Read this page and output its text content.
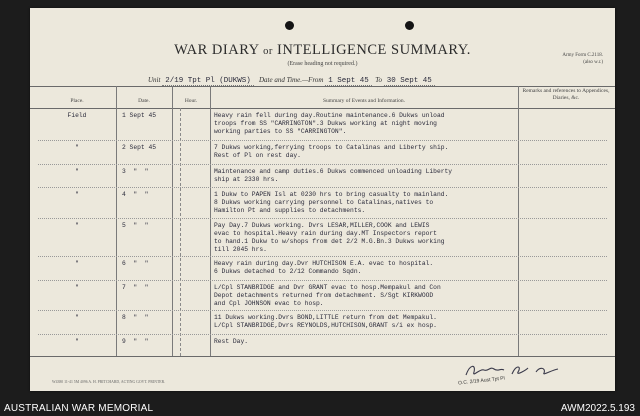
WAR DIARY or INTELLIGENCE SUMMARY.
(Erase heading not required.)
Army Form C.2118.
(also w.r.)
Unit 2/19 Tpt Pl (DUKWS) Date and Time.—From 1 Sept 45 To 30 Sept 45
Place.	Date.	Hour.	Summary of Events and Information.
Remarks and references to Appendices, Diaries, &c.
Field	1 Sept 45	Heavy rain fell during day.Routine maintenance.6 Dukws unload
troops from SS "CARRINGTON".3 Dukws working at night moving
working parties to SS "CARRINGTON".
"	2 Sept 45	7 Dukws working,ferrying troops to Catalinas and Liberty ship.
Rest of Pl on rest day.
"	3  "  "	Maintenance and camp duties.6 Dukws commenced unloading Liberty
ship at 2330 hrs.
"	4  "  "	1 Dukw to PAPEN Isl at 0230 hrs to bring casualty to mainland.
8 Dukws working carrying personnel to Catalinas,natives to
Hamilton Pt and supplies to detachments.
"	5  "  "	Pay Day.7 Dukws working. Dvrs LESAR,MILLER,COOK and LEWIS
evac to hospital.Heavy rain during day.MT Inspectors report
to hand.1 Dukw to w/shops from det 2/2 M.G.Bn.3 Dukws working
till 2045 hrs.
"	6  "  "	Heavy rain during day.Dvr HUTCHISON E.A. evac to hospital.
6 Dukws detached to 2/12 Commando Sqdn.
"	7  "  "	L/Cpl STANBRIDGE and Dvr GRANT evac to hosp.Mempakul and Con
Depot detachments returned from detachment. S/Sgt KIRKWOOD
and Cpl JOHNSON evac to hosp.
"	8  "  "	11 Dukws working.Dvrs BOND,LITTLE return from det Mempakul.
L/Cpl STANBRIDGE,Dvrs REYNOLDS,HUTCHISON,GRANT s/i ex hosp.
"	9  "  "	Rest Day.
W4380 11-41 5M 4096 A. H. PRITCHARD, ACTING GOVT. PRINTER.	O.C. 2/19 Aust Tpt Pl
AUSTRALIAN WAR MEMORIAL	AWM2022.5.193
